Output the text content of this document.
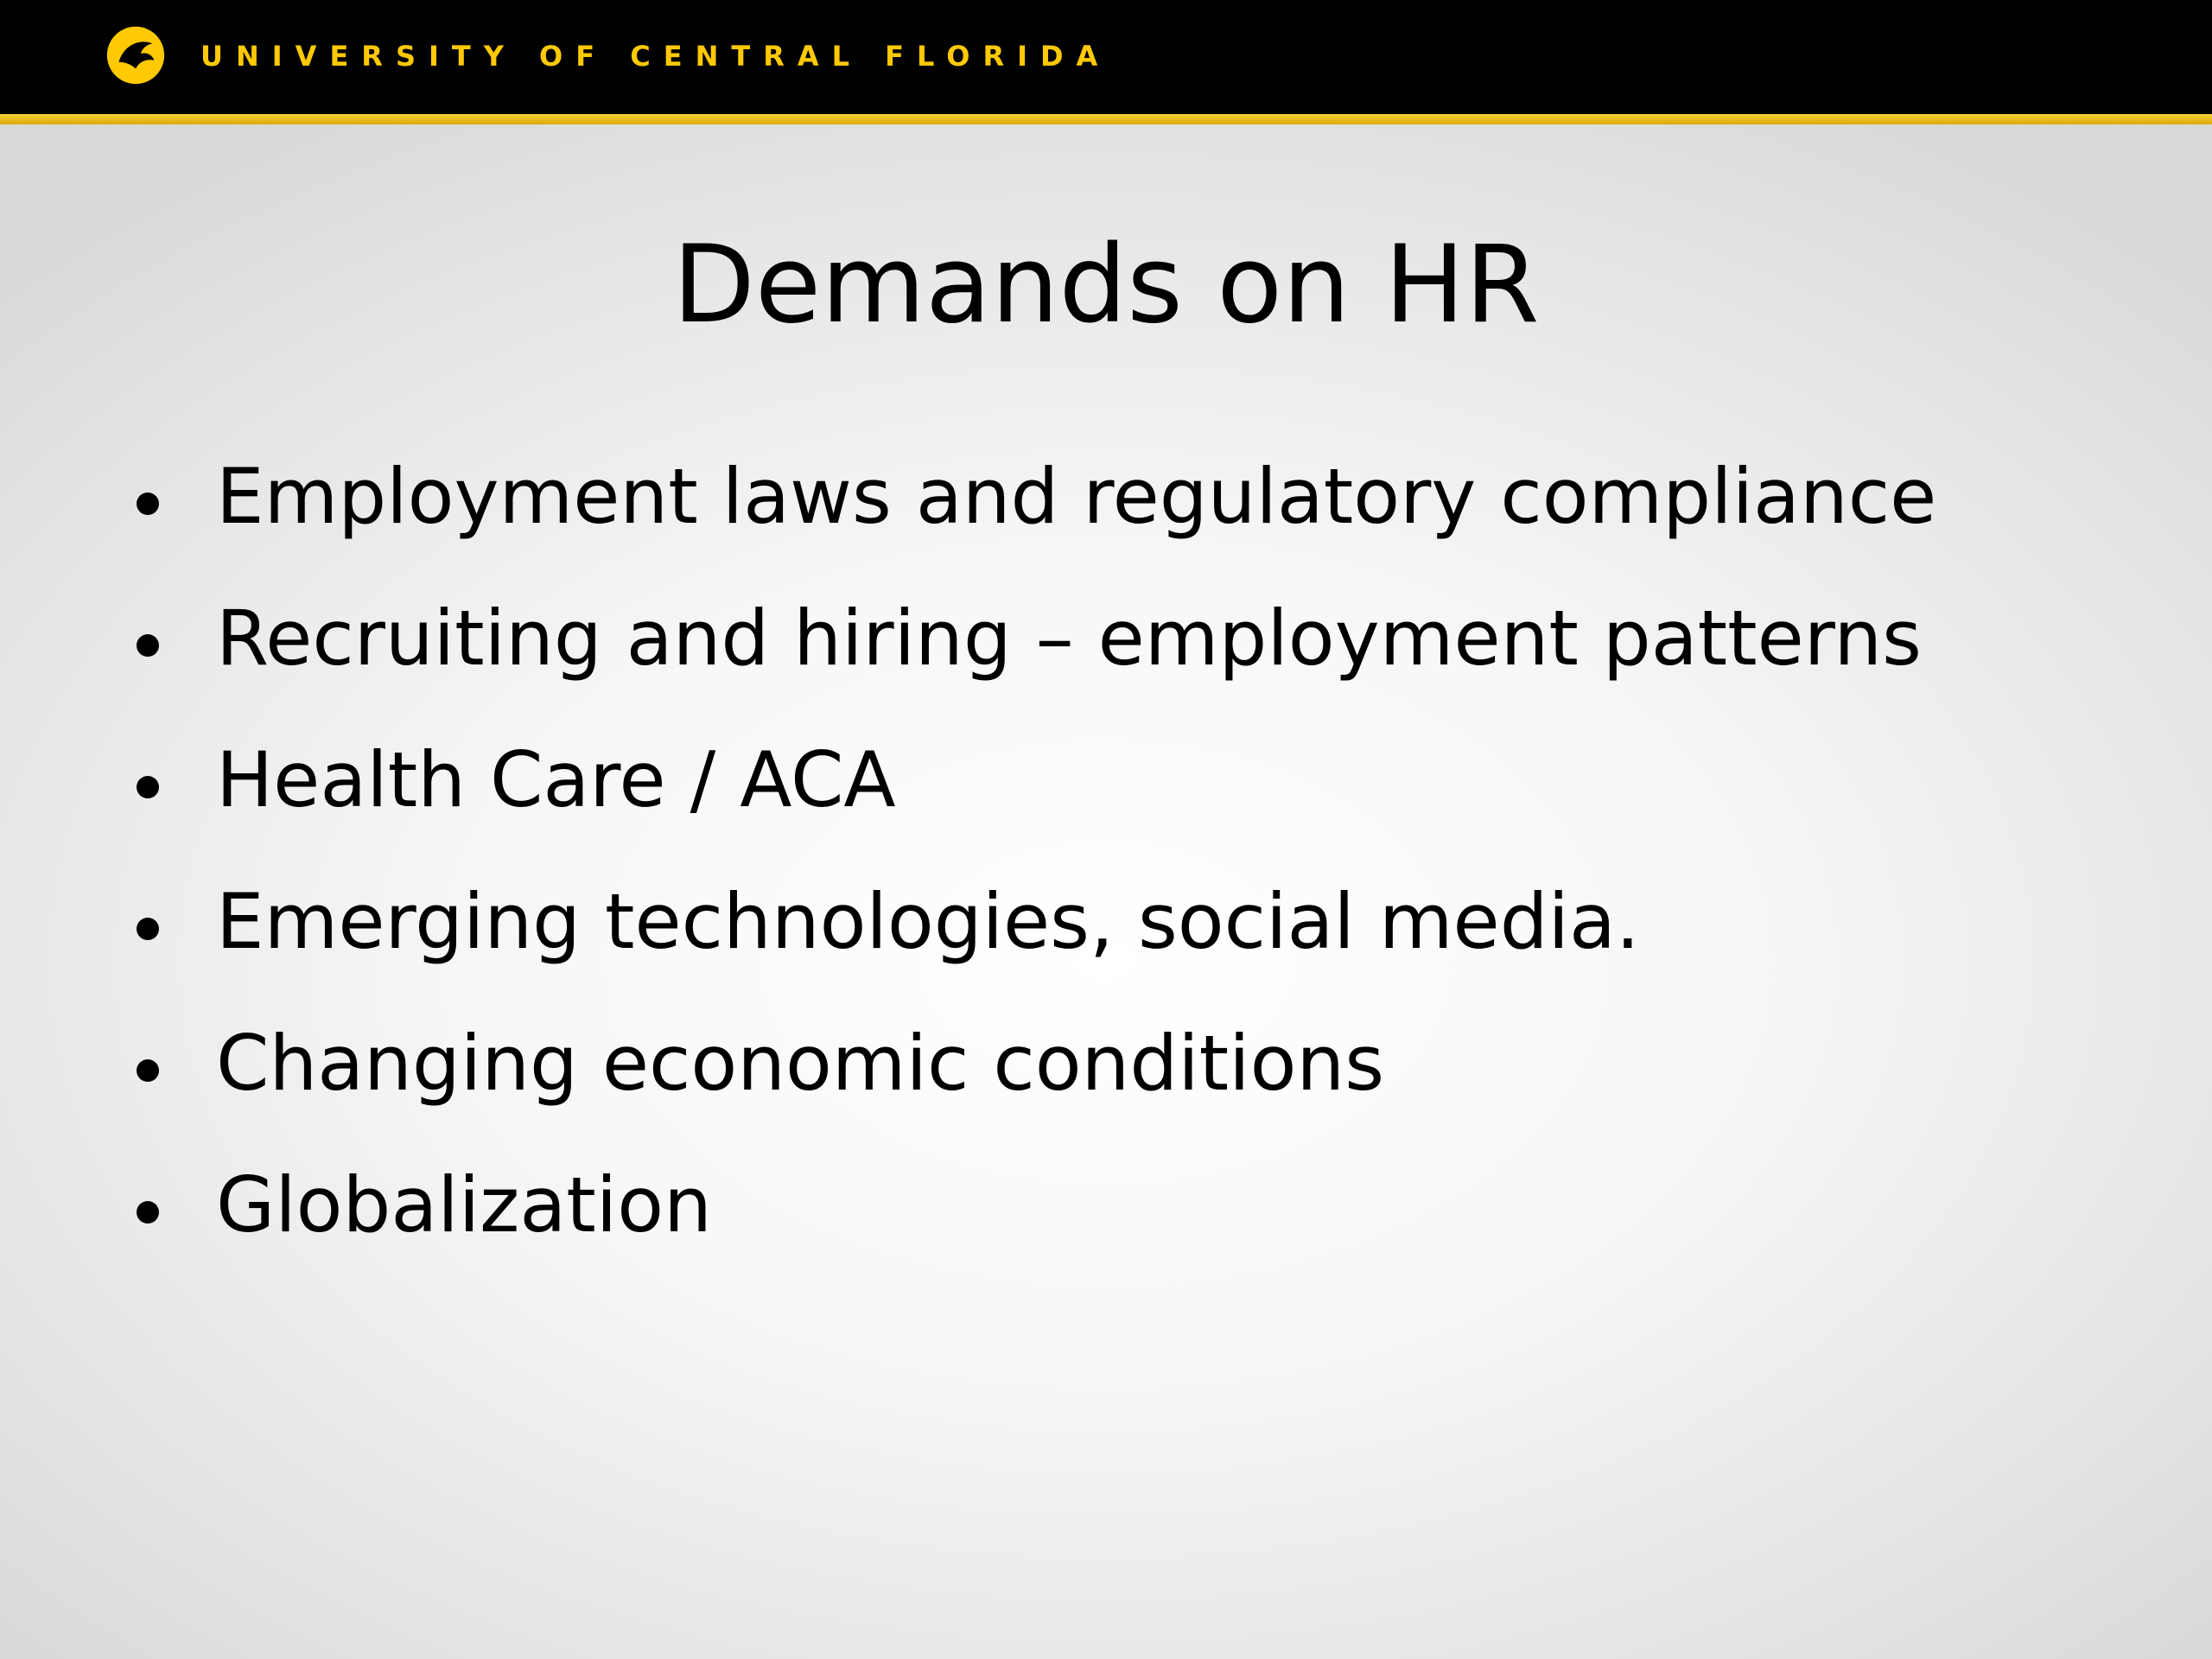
UNIVERSITY OF CENTRAL FLORIDA
Demands on HR
Employment laws and regulatory compliance
Recruiting and hiring – employment patterns
Health Care / ACA
Emerging technologies, social media.
Changing economic conditions
Globalization
